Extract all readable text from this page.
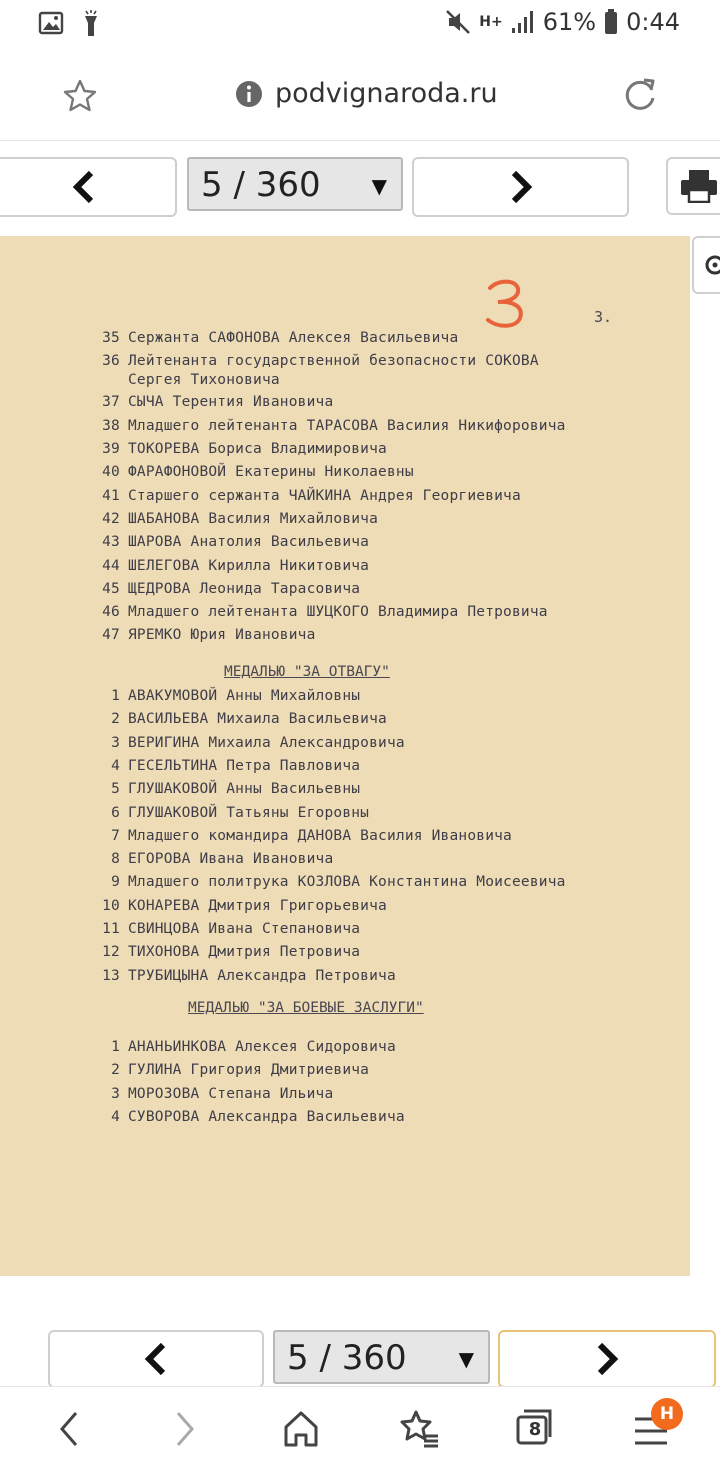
H+ 61% 0:44
podvignaroda.ru
5 / 360	▼
3.
35 Сержанта САФОНОВА Алексея Васильевича
36 Лейтенанта государственной безопасности СОКОВА
Сергея Тихоновича
37 СЫЧА Терентия Ивановича
38 Младшего лейтенанта ТАРАСОВА Василия Никифоровича
39 ТОКОРЕВА Бориса Владимировича
40 ФАРАФОНОВОЙ Екатерины Николаевны
41 Старшего сержанта ЧАЙКИНА Андрея Георгиевича
42 ШАБАНОВА Василия Михайловича
43 ШАРОВА Анатолия Васильевича
44 ШЕЛЕГОВА Кирилла Никитовича
45 ЩЕДРОВА Леонида Тарасовича
46 Младшего лейтенанта ШУЦКОГО Владимира Петровича
47 ЯРЕМКО Юрия Ивановича
МЕДАЛЬЮ "ЗА ОТВАГУ"
1 АВАКУМОВОЙ Анны Михайловны
2 ВАСИЛЬЕВА Михаила Васильевича
3 ВЕРИГИНА Михаила Александровича
4 ГЕСЕЛЬТИНА Петра Павловича
5 ГЛУШАКОВОЙ Анны Васильевны
6 ГЛУШАКОВОЙ Татьяны Егоровны
7 Младшего командира ДАНОВА Василия Ивановича
8 ЕГОРОВА Ивана Ивановича
9 Младшего политрука КОЗЛОВА Константина Моисеевича
10 КОНАРЕВА Дмитрия Григорьевича
11 СВИНЦОВА Ивана Степановича
12 ТИХОНОВА Дмитрия Петровича
13 ТРУБИЦЫНА Александра Петровича
МЕДАЛЬЮ "ЗА БОЕВЫЕ ЗАСЛУГИ"
1 АНАНЬИНКОВА Алексея Сидоровича
2 ГУЛИНА Григория Дмитриевича
3 МОРОЗОВА Степана Ильича
4 СУВОРОВА Александра Васильевича
5 / 360	▼
8
H
